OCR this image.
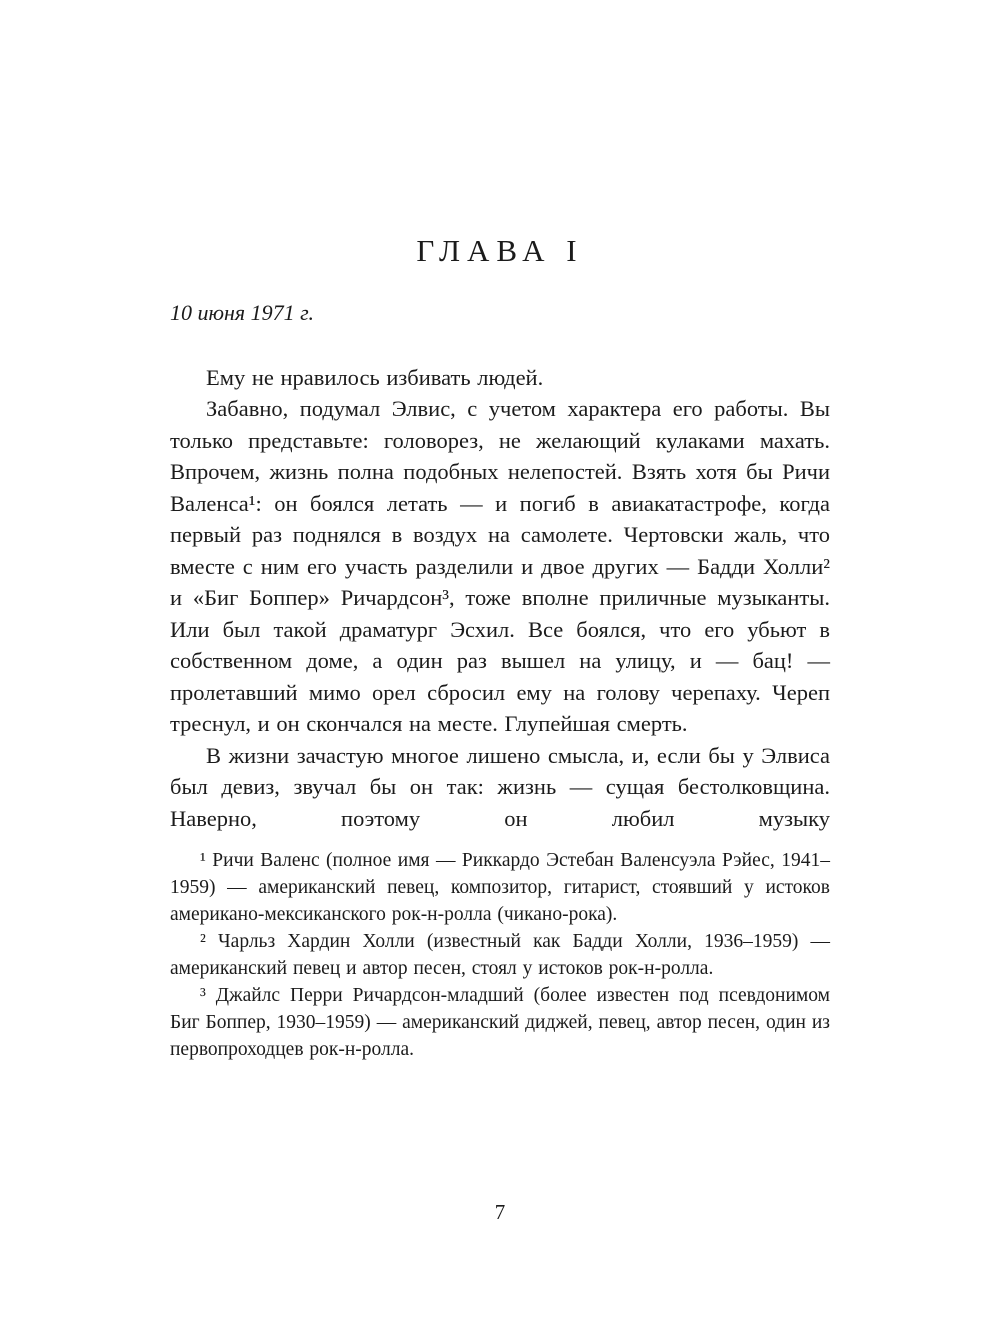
ГЛАВА I

10 июня 1971 г.

Ему не нравилось избивать людей.

Забавно, подумал Элвис, с учетом характера его работы. Вы только представьте: головорез, не желающий кулаками махать. Впрочем, жизнь полна подобных нелепостей. Взять хотя бы Ричи Валенса¹: он боялся летать — и погиб в авиакатастрофе, когда первый раз поднялся в воздух на самолете. Чертовски жаль, что вместе с ним его участь разделили и двое других — Бадди Холли² и «Биг Боппер» Ричардсон³, тоже вполне приличные музыканты. Или был такой драматург Эсхил. Все боялся, что его убьют в собственном доме, а один раз вышел на улицу, и — бац! — пролетавший мимо орел сбросил ему на голову черепаху. Череп треснул, и он скончался на месте. Глупейшая смерть.

В жизни зачастую многое лишено смысла, и, если бы у Элвиса был девиз, звучал бы он так: жизнь — сущая бестолковщина. Наверно, поэтому он любил музыку

¹ Ричи Валенс (полное имя — Риккардо Эстебан Валенсуэла Рэйес, 1941–1959) — американский певец, композитор, гитарист, стоявший у истоков американо-мексиканского рок-н-ролла (чикано-рока).

² Чарльз Хардин Холли (известный как Бадди Холли, 1936–1959) — американский певец и автор песен, стоял у истоков рок-н-ролла.

³ Джайлс Перри Ричардсон-младший (более известен под псевдонимом Биг Боппер, 1930–1959) — американский диджей, певец, автор песен, один из первопроходцев рок-н-ролла.

7
